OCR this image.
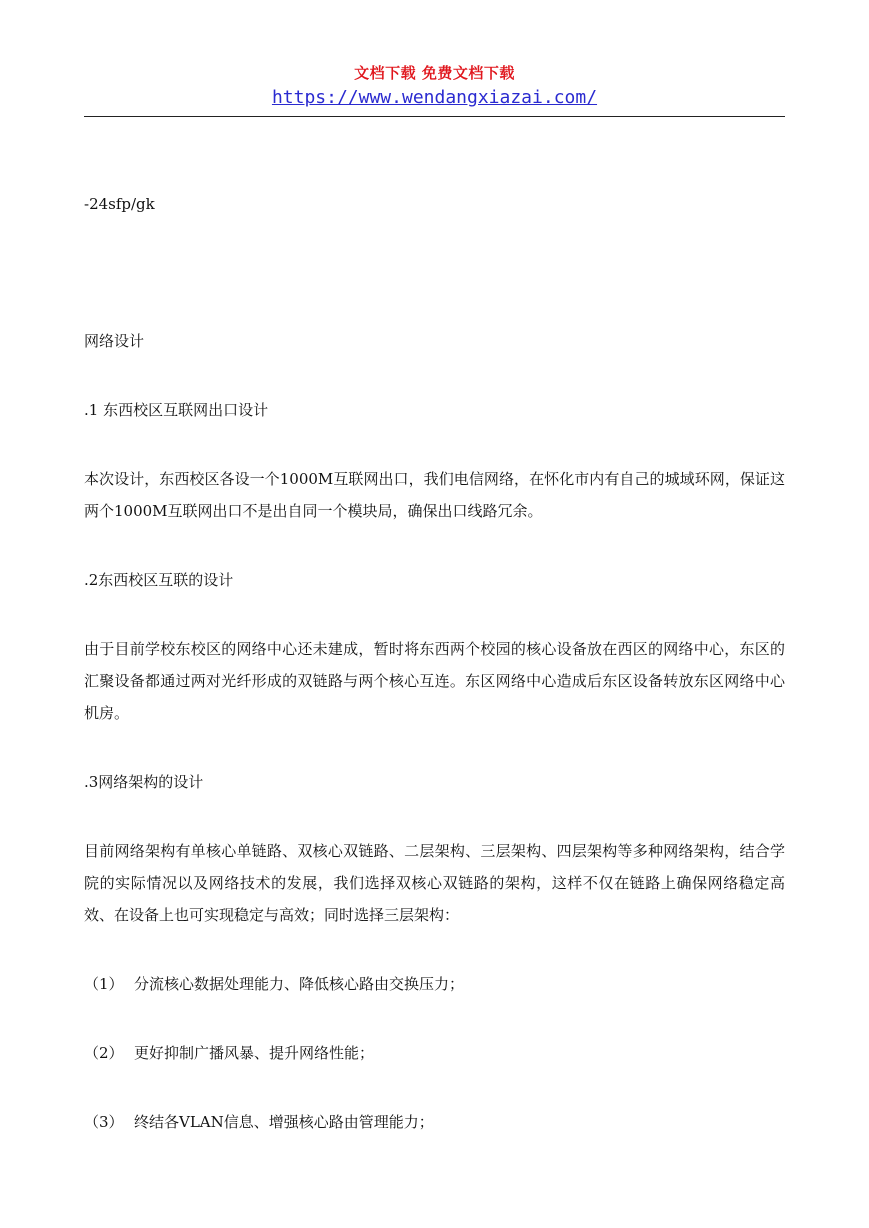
文档下载 免费文档下载
https://www.wendangxiazai.com/

-24sfp/gk

网络设计

.1 东西校区互联网出口设计

本次设计，东西校区各设一个1000M互联网出口，我们电信网络，在怀化市内有自己的城域环网，保证这两个1000M互联网出口不是出自同一个模块局，确保出口线路冗余。

.2东西校区互联的设计

由于目前学校东校区的网络中心还未建成，暂时将东西两个校园的核心设备放在西区的网络中心，东区的汇聚设备都通过两对光纤形成的双链路与两个核心互连。东区网络中心造成后东区设备转放东区网络中心机房。

.3网络架构的设计

目前网络架构有单核心单链路、双核心双链路、二层架构、三层架构、四层架构等多种网络架构，结合学院的实际情况以及网络技术的发展，我们选择双核心双链路的架构，这样不仅在链路上确保网络稳定高效、在设备上也可实现稳定与高效；同时选择三层架构：

（1） 分流核心数据处理能力、降低核心路由交换压力；

（2） 更好抑制广播风暴、提升网络性能；

（3） 终结各VLAN信息、增强核心路由管理能力；
